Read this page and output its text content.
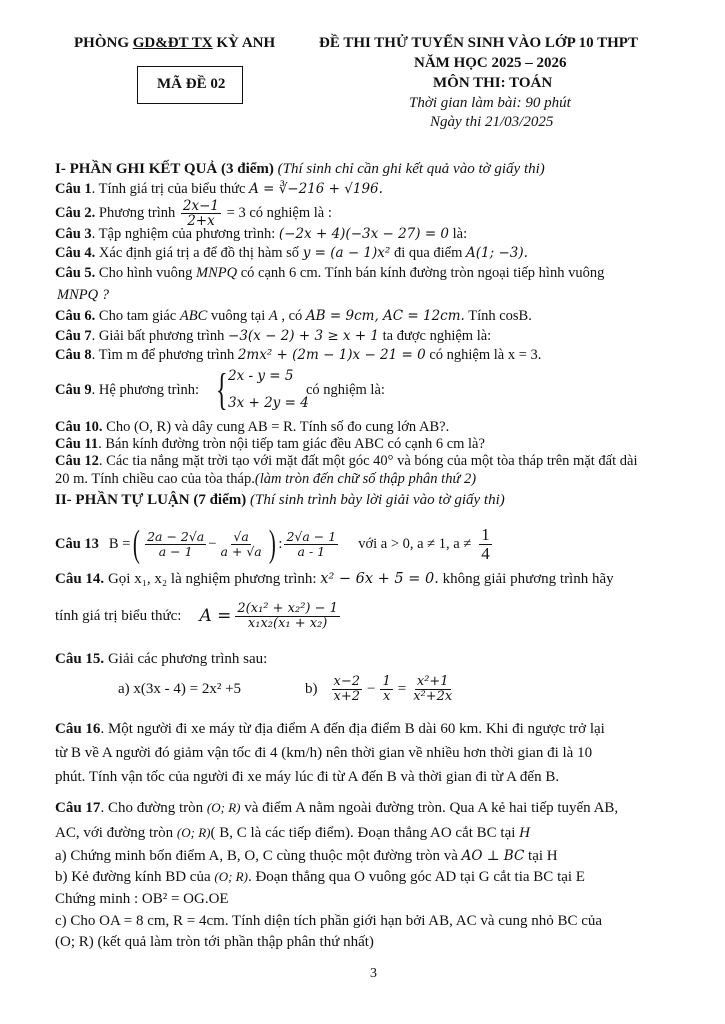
PHÒNG GD&ĐT TX KỲ ANH	ĐỀ THI THỬ TUYỂN SINH VÀO LỚP 10 THPT
NĂM HỌC 2025 – 2026
MÃ ĐỀ 02	MÔN THI: TOÁN
Thời gian làm bài: 90 phút
Ngày thi 21/03/2025
I- PHẦN GHI KẾT QUẢ (3 điểm) (Thí sinh chỉ cần ghi kết quả vào tờ giấy thi)
Câu 1. Tính giá trị của biểu thức A = ∛−216 + √196.
Câu 2. Phương trình $\frac{2x-1}{2+x} = 3$ có nghiệm là :
Câu 3. Tập nghiệm của phương trình: (−2x + 4)(−3x − 27) = 0 là:
Câu 4. Xác định giá trị a để đồ thị hàm số y = (a − 1)x² đi qua điểm A(1; −3).
Câu 5. Cho hình vuông MNPQ có cạnh 6 cm. Tính bán kính đường tròn ngoại tiếp hình vuông
MNPQ ?
Câu 6. Cho tam giác ABC vuông tại A , có AB = 9cm, AC = 12cm. Tính cosB.
Câu 7. Giải bất phương trình −3(x − 2) + 3 ≥ x + 1 ta được nghiệm là:
Câu 8. Tìm m để phương trình 2mx² + (2m − 1)x − 21 = 0 có nghiệm là x = 3.
Câu 9. Hệ phương trình: { 2x - y = 5
3x + 2y = 4
có nghiệm là:
Câu 10. Cho (O, R) và dây cung AB = R. Tính số đo cung lớn AB?.
Câu 11. Bán kính đường tròn nội tiếp tam giác đều ABC có cạnh 6 cm là?
Câu 12. Các tia nắng mặt trời tạo với mặt đất một góc 40° và bóng của một tòa tháp trên mặt đất dài
20 m. Tính chiều cao của tòa tháp.(làm tròn đến chữ số thập phân thứ 2)
II- PHẦN TỰ LUẬN (7 điểm) (Thí sinh trình bày lời giải vào tờ giấy thi)
Câu 13 B = ( $\frac{2a - 2√a}{a - 1} - \frac{√a}{a + √a}$ ) : $\frac{2√a - 1}{a - 1}$ với a > 0, a ≠ 1, $a \ne \frac{1}{4}$
Câu 14. Gọi x₁, x₂ là nghiệm phương trình: x² − 6x + 5 = 0. không giải phương trình hãy
tính giá trị biểu thức: $A = \frac{\text{2(x₁² + x₂²) − 1}}{\text{x₁x₂(x₁ + x₂)}}$
Câu 15. Giải các phương trình sau:
a) x(3x - 4) = 2x² +5	$b) \frac{x-2}{x+2} - \frac{1}{x} = \frac{\text{x²+1}}{\text{x²+2x}}$
Câu 16. Một người đi xe máy từ địa điểm A đến địa điểm B dài 60 km. Khi đi ngược trở lại
từ B về A người đó giảm vận tốc đi 4 (km/h) nên thời gian về nhiều hơn thời gian đi là 10
phút. Tính vận tốc của người đi xe máy lúc đi từ A đến B và thời gian đi từ A đến B.
Câu 17. Cho đường tròn (O; R) và điểm A nằm ngoài đường tròn. Qua A kẻ hai tiếp tuyến AB,
AC, với đường tròn (O; R)( B, C là các tiếp điểm). Đoạn thẳng AO cắt BC tại H
a) Chứng minh bốn điểm A, B, O, C cùng thuộc một đường tròn và AO ⊥ BC tại H
b) Kẻ đường kính BD của (O; R). Đoạn thẳng qua O vuông góc AD tại G cắt tia BC tại E
Chứng minh : OB² = OG.OE
c) Cho OA = 8 cm, R = 4cm. Tính diện tích phần giới hạn bởi AB, AC và cung nhỏ BC của
(O; R) (kết quả làm tròn tới phần thập phân thứ nhất)
3
